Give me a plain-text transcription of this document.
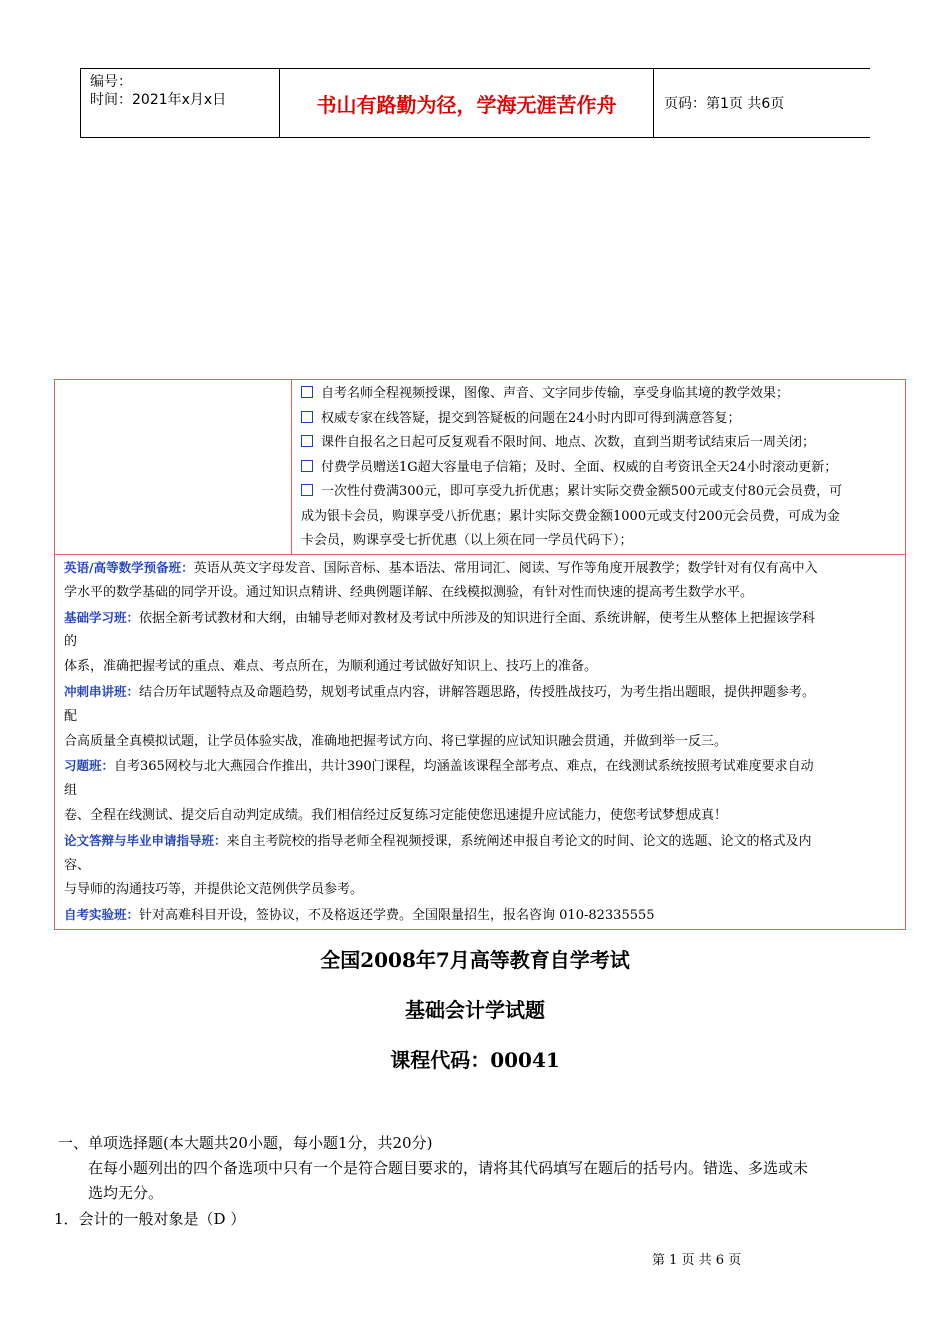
编号：
时间：2021年x月x日	书山有路勤为径，学海无涯苦作舟	页码：第1页 共6页
自考名师全程视频授课，图像、声音、文字同步传输，享受身临其境的教学效果；
权威专家在线答疑，提交到答疑板的问题在24小时内即可得到满意答复；
课件自报名之日起可反复观看不限时间、地点、次数，直到当期考试结束后一周关闭；
付费学员赠送1G超大容量电子信箱；及时、全面、权威的自考资讯全天24小时滚动更新；
一次性付费满300元，即可享受九折优惠；累计实际交费金额500元或支付80元会员费，可
成为银卡会员，购课享受八折优惠；累计实际交费金额1000元或支付200元会员费，可成为金
卡会员，购课享受七折优惠（以上须在同一学员代码下）；
英语/高等数学预备班：英语从英文字母发音、国际音标、基本语法、常用词汇、阅读、写作等角度开展教学；数学针对有仅有高中入
学水平的数学基础的同学开设。通过知识点精讲、经典例题详解、在线模拟测验，有针对性而快速的提高考生数学水平。
基础学习班：依据全新考试教材和大纲，由辅导老师对教材及考试中所涉及的知识进行全面、系统讲解，使考生从整体上把握该学科
的
体系，准确把握考试的重点、难点、考点所在，为顺利通过考试做好知识上、技巧上的准备。
冲刺串讲班：结合历年试题特点及命题趋势，规划考试重点内容，讲解答题思路，传授胜战技巧，为考生指出题眼，提供押题参考。
配
合高质量全真模拟试题，让学员体验实战，准确地把握考试方向、将已掌握的应试知识融会贯通，并做到举一反三。
习题班：自考365网校与北大燕园合作推出，共计390门课程，均涵盖该课程全部考点、难点，在线测试系统按照考试难度要求自动
组
卷、全程在线测试、提交后自动判定成绩。我们相信经过反复练习定能使您迅速提升应试能力，使您考试梦想成真！
论文答辩与毕业申请指导班：来自主考院校的指导老师全程视频授课，系统阐述申报自考论文的时间、论文的选题、论文的格式及内
容、
与导师的沟通技巧等，并提供论文范例供学员参考。
自考实验班：针对高难科目开设，签协议，不及格返还学费。全国限量招生，报名咨询 010-82335555
全国2008年7月高等教育自学考试
基础会计学试题
课程代码：00041
一、单项选择题(本大题共20小题，每小题1分，共20分)
在每小题列出的四个备选项中只有一个是符合题目要求的，请将其代码填写在题后的括号内。错选、多选或未
选均无分。
1．会计的一般对象是（D ）
第 1 页 共 6 页
